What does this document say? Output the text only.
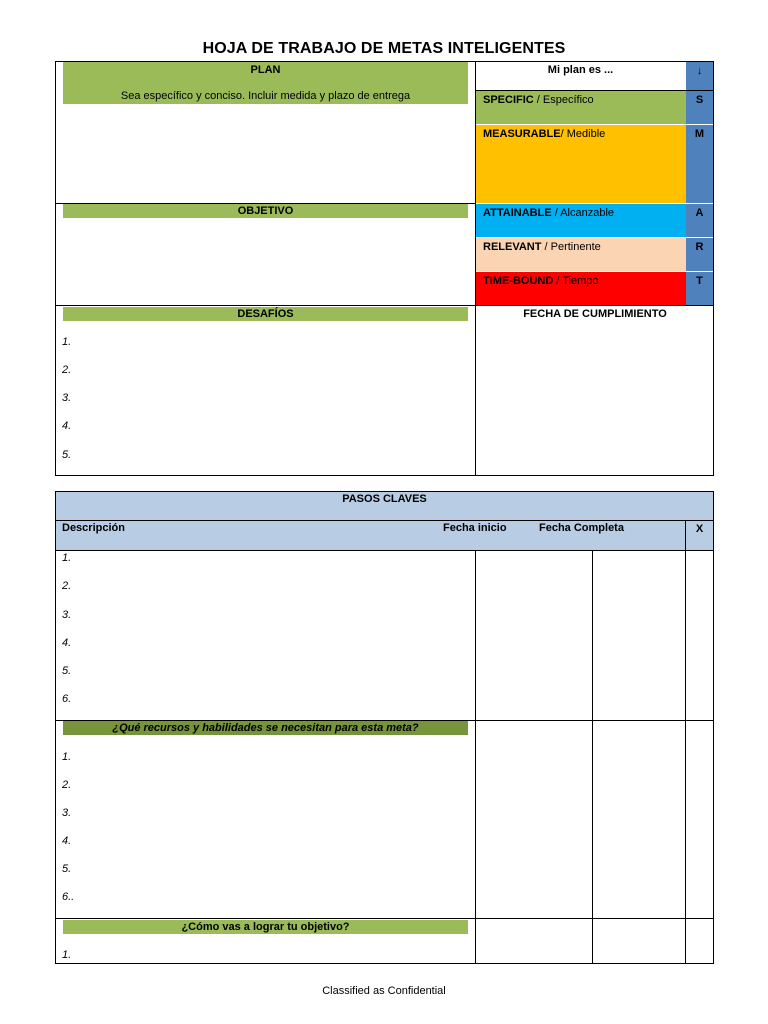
HOJA DE TRABAJO DE METAS INTELIGENTES
PLAN
Sea específico y conciso. Incluir medida y plazo de entrega
OBJETIVO
DESAFÍOS
1.
2.
3.
4.
5.
Mi plan es ...	↓
SPECIFIC / Específico	S
MEASURABLE/ Medible	M
ATTAINABLE / Alcanzable	A
RELEVANT / Pertinente	R
TIME-BOUND / Tiempo	T
FECHA DE CUMPLIMIENTO
PASOS CLAVES
Descripción	Fecha inicio	Fecha Completa	X
1.
2.
3.
4.
5.
6.
¿Qué recursos y habilidades se necesitan para esta meta?
1.
2.
3.
4.
5.
6..
¿Cómo vas a lograr tu objetivo?
1.
Classified as Confidential
